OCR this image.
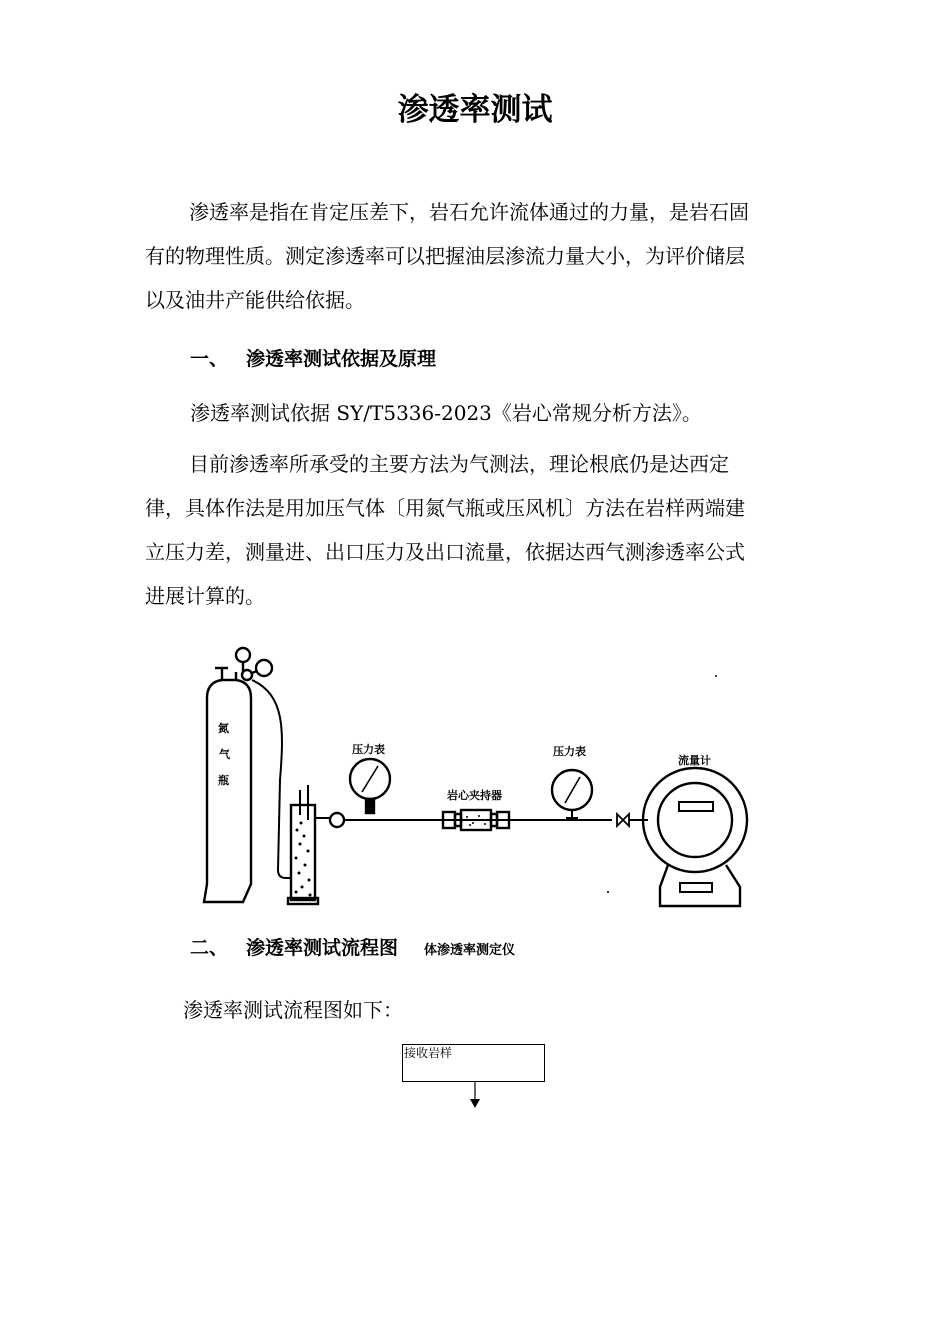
渗透率测试
渗透率是指在肯定压差下，岩石允许流体通过的力量，是岩石固
有的物理性质。测定渗透率可以把握油层渗流力量大小，为评价储层
以及油井产能供给依据。
一、 渗透率测试依据及原理
渗透率测试依据 SY/T5336-2023《岩心常规分析方法》。
目前渗透率所承受的主要方法为气测法，理论根底仍是达西定
律，具体作法是用加压气体〔用氮气瓶或压风机〕方法在岩样两端建
立压力差，测量进、出口压力及出口流量，依据达西气测渗透率公式
进展计算的。
氮
气
瓶
压力表
岩心夹持器
压力表
流量计
体渗透率测定仪
二、 渗透率测试流程图
渗透率测试流程图如下：
接收岩样
